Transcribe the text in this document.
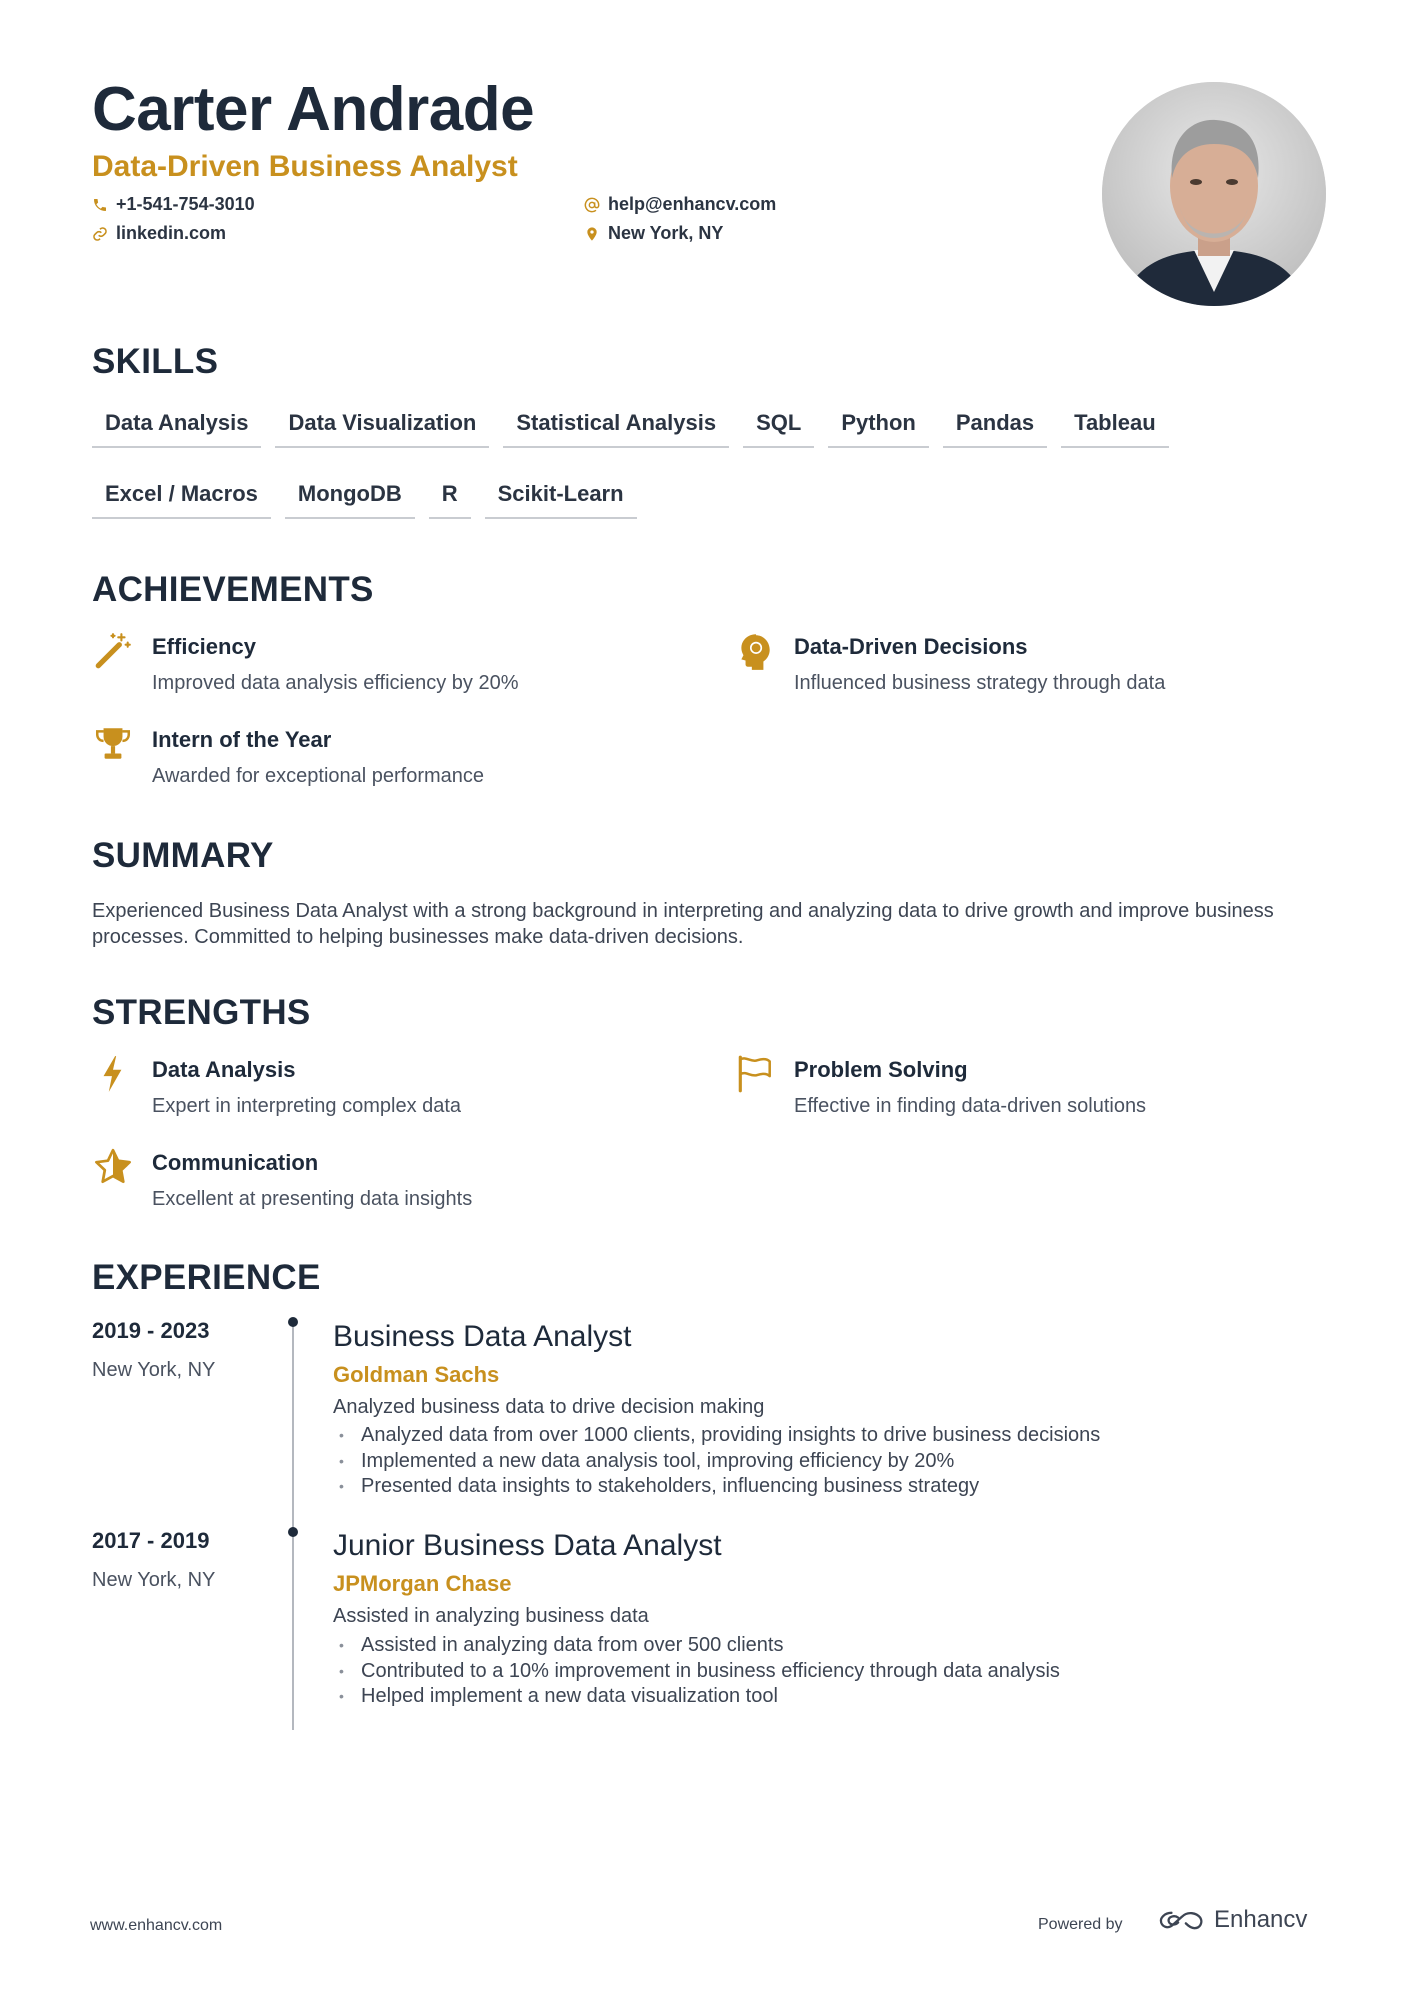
Carter Andrade
Data-Driven Business Analyst
+1-541-754-3010	help@enhancv.com
linkedin.com	New York, NY
SKILLS
Data Analysis	Data Visualization	Statistical Analysis	SQL	Python	Pandas	Tableau
Excel / Macros	MongoDB	R	Scikit-Learn
ACHIEVEMENTS
Efficiency
Improved data analysis efficiency by 20%
Data-Driven Decisions
Influenced business strategy through data
Intern of the Year
Awarded for exceptional performance
SUMMARY
Experienced Business Data Analyst with a strong background in interpreting and analyzing data to drive growth and improve business processes. Committed to helping businesses make data-driven decisions.
STRENGTHS
Data Analysis
Expert in interpreting complex data
Problem Solving
Effective in finding data-driven solutions
Communication
Excellent at presenting data insights
EXPERIENCE
2019 - 2023
New York, NY
Business Data Analyst
Goldman Sachs
Analyzed business data to drive decision making
• Analyzed data from over 1000 clients, providing insights to drive business decisions
• Implemented a new data analysis tool, improving efficiency by 20%
• Presented data insights to stakeholders, influencing business strategy
2017 - 2019
New York, NY
Junior Business Data Analyst
JPMorgan Chase
Assisted in analyzing business data
• Assisted in analyzing data from over 500 clients
• Contributed to a 10% improvement in business efficiency through data analysis
• Helped implement a new data visualization tool
www.enhancv.com	Powered by	Enhancv
